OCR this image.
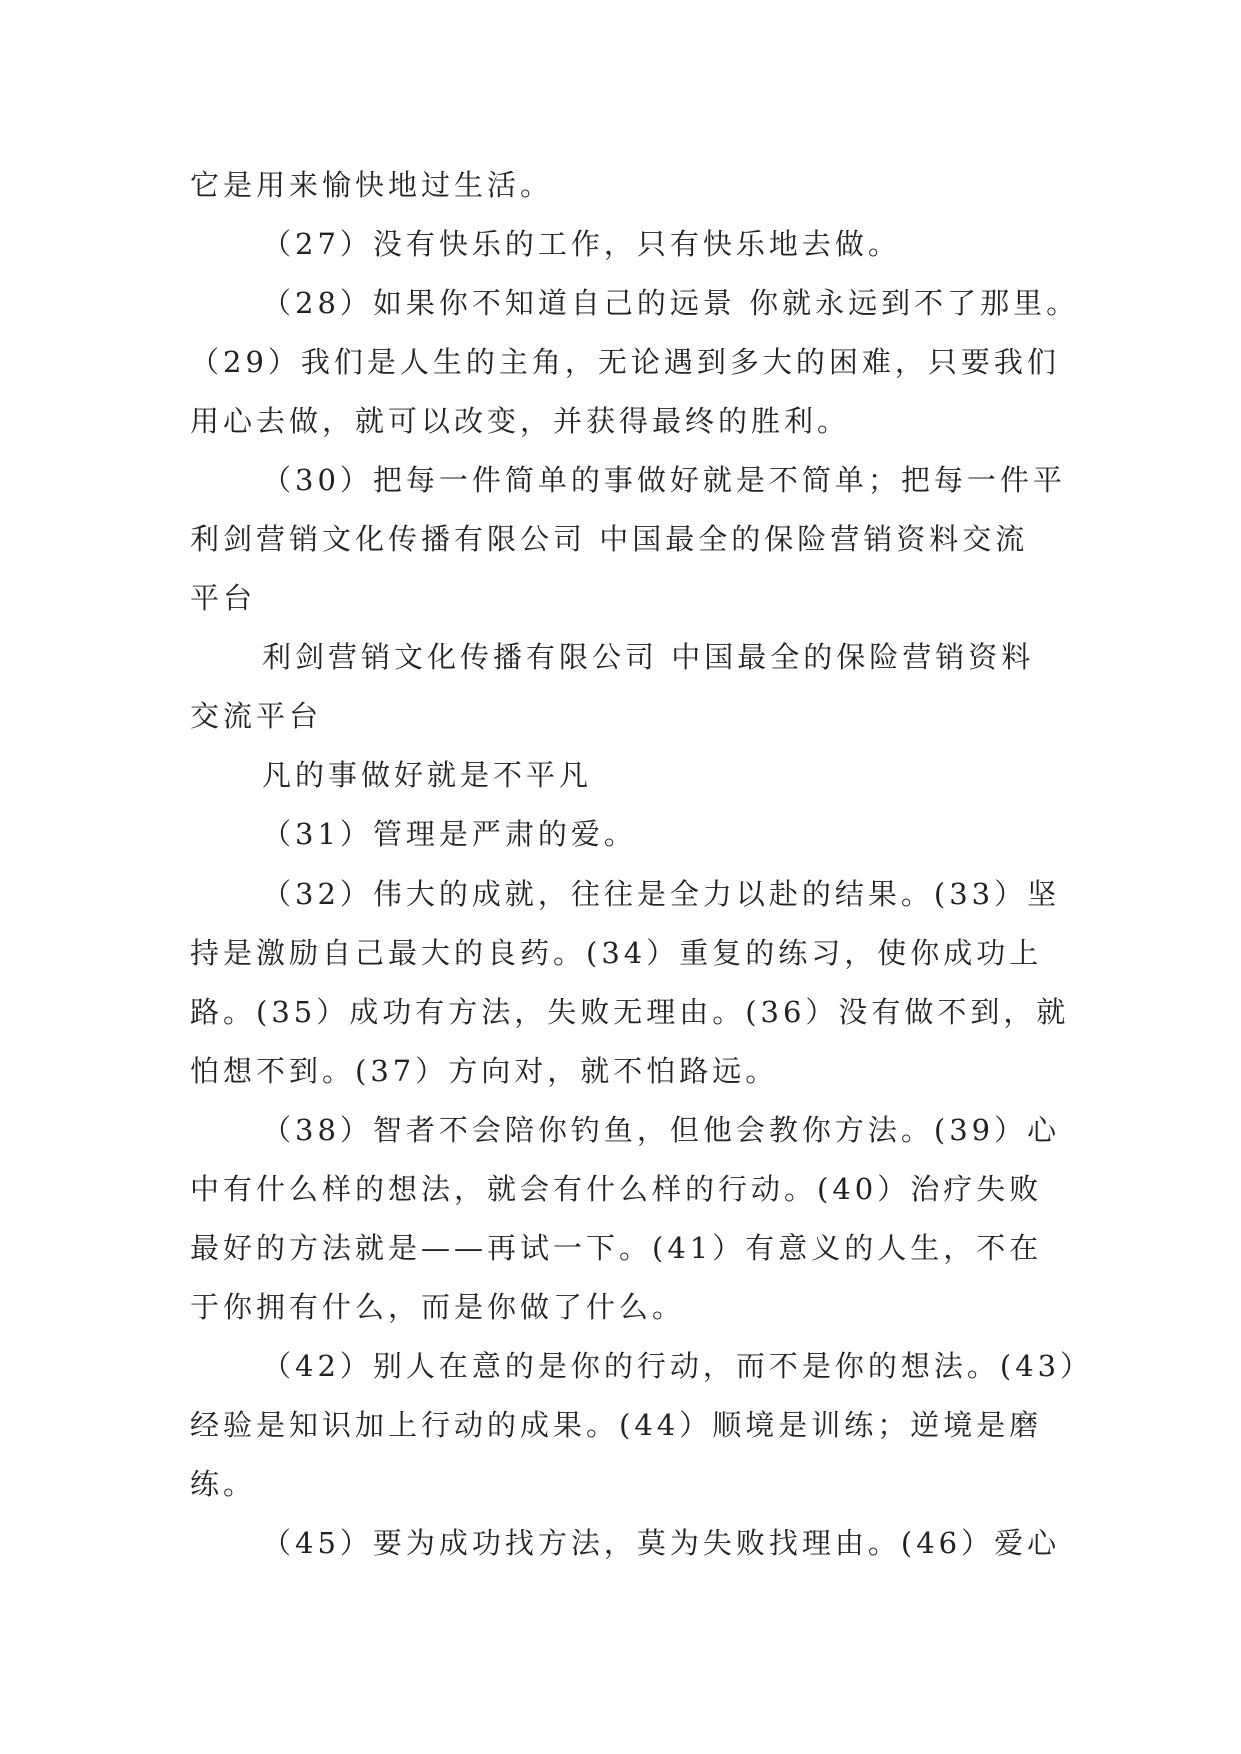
它是用来愉快地过生活。
（27）没有快乐的工作，只有快乐地去做。
（28）如果你不知道自己的远景 你就永远到不了那里。
（29）我们是人生的主角，无论遇到多大的困难，只要我们
用心去做，就可以改变，并获得最终的胜利。
（30）把每一件简单的事做好就是不简单；把每一件平
利剑营销文化传播有限公司 中国最全的保险营销资料交流
平台
利剑营销文化传播有限公司 中国最全的保险营销资料
交流平台
凡的事做好就是不平凡
（31）管理是严肃的爱。
（32）伟大的成就，往往是全力以赴的结果。(33）坚
持是激励自己最大的良药。(34）重复的练习，使你成功上
路。(35）成功有方法，失败无理由。(36）没有做不到，就
怕想不到。(37）方向对，就不怕路远。
（38）智者不会陪你钓鱼，但他会教你方法。(39）心
中有什么样的想法，就会有什么样的行动。(40）治疗失败
最好的方法就是——再试一下。(41）有意义的人生，不在
于你拥有什么，而是你做了什么。
（42）别人在意的是你的行动，而不是你的想法。(43）
经验是知识加上行动的成果。(44）顺境是训练；逆境是磨
练。
（45）要为成功找方法，莫为失败找理由。(46）爱心
